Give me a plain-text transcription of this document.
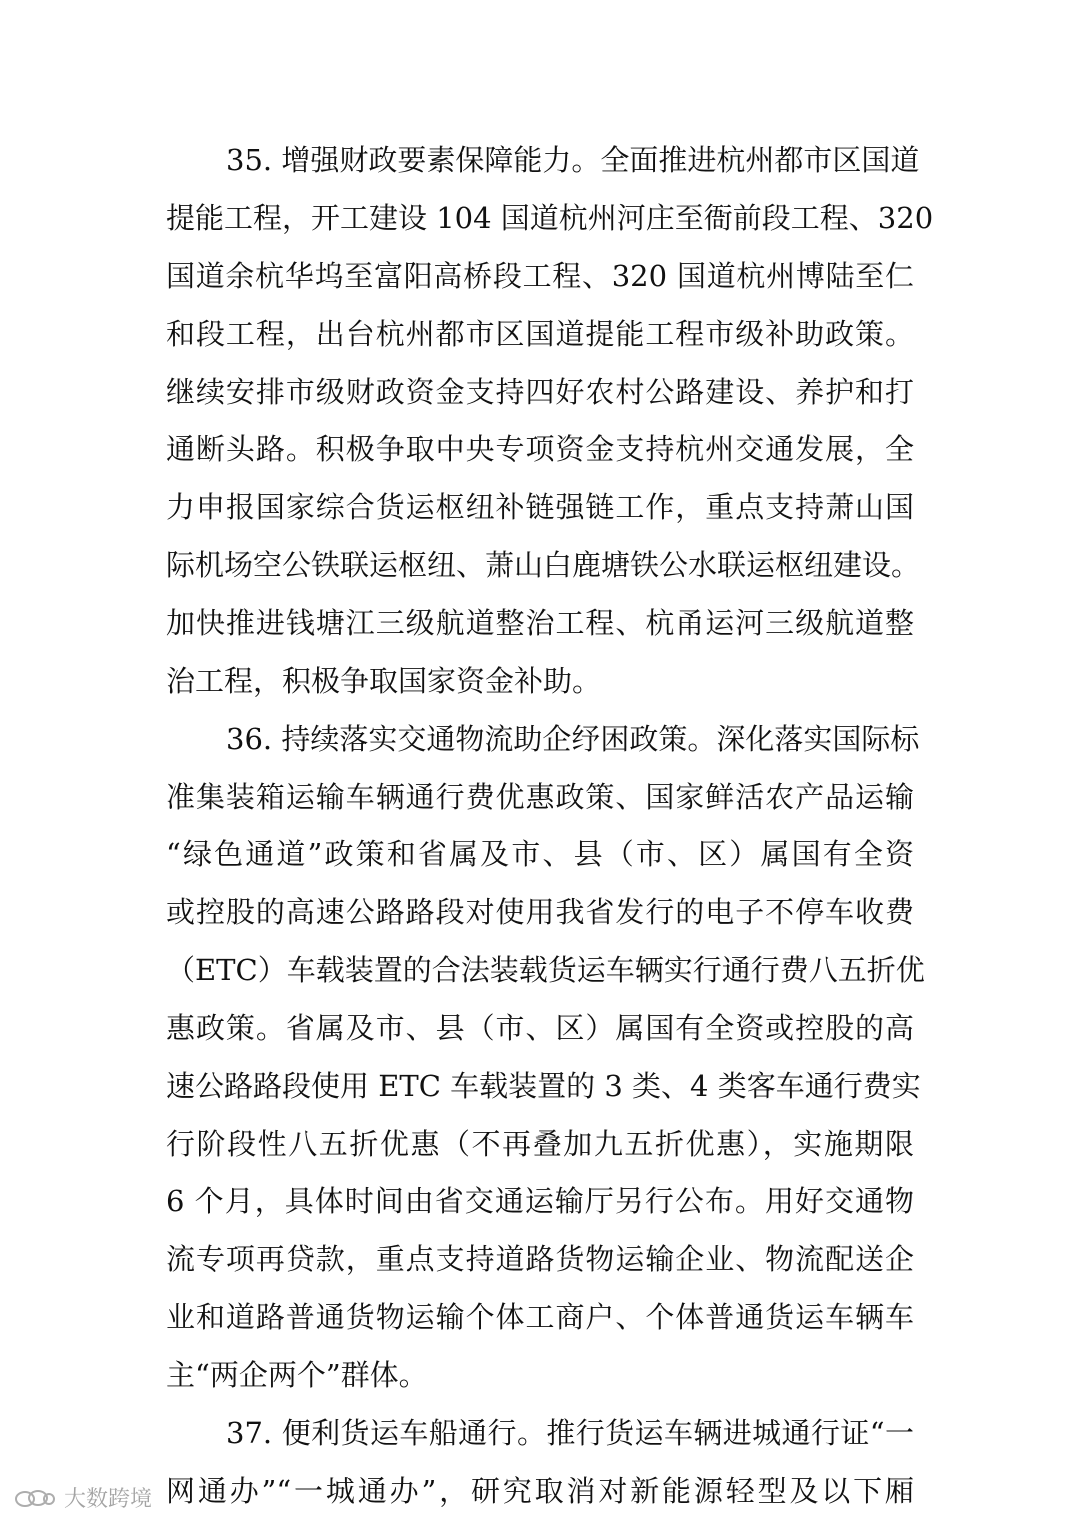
35. 增强财政要素保障能力。全面推进杭州都市区国道
提能工程，开工建设 104 国道杭州河庄至衙前段工程、320
国道余杭华坞至富阳高桥段工程、320 国道杭州博陆至仁
和段工程，出台杭州都市区国道提能工程市级补助政策。
继续安排市级财政资金支持四好农村公路建设、养护和打
通断头路。积极争取中央专项资金支持杭州交通发展，全
力申报国家综合货运枢纽补链强链工作，重点支持萧山国
际机场空公铁联运枢纽、萧山白鹿塘铁公水联运枢纽建设。
加快推进钱塘江三级航道整治工程、杭甬运河三级航道整
治工程，积极争取国家资金补助。
36. 持续落实交通物流助企纾困政策。深化落实国际标
准集装箱运输车辆通行费优惠政策、国家鲜活农产品运输
“绿色通道”政策和省属及市、县（市、区）属国有全资
或控股的高速公路路段对使用我省发行的电子不停车收费
（ETC）车载装置的合法装载货运车辆实行通行费八五折优
惠政策。省属及市、县（市、区）属国有全资或控股的高
速公路路段使用 ETC 车载装置的 3 类、4 类客车通行费实
行阶段性八五折优惠（不再叠加九五折优惠），实施期限
6 个月，具体时间由省交通运输厅另行公布。用好交通物
流专项再贷款，重点支持道路货物运输企业、物流配送企
业和道路普通货物运输个体工商户、个体普通货运车辆车
主“两企两个”群体。
37. 便利货运车船通行。推行货运车辆进城通行证“一
网通办”“一城通办”，研究取消对新能源轻型及以下厢
大数跨境
